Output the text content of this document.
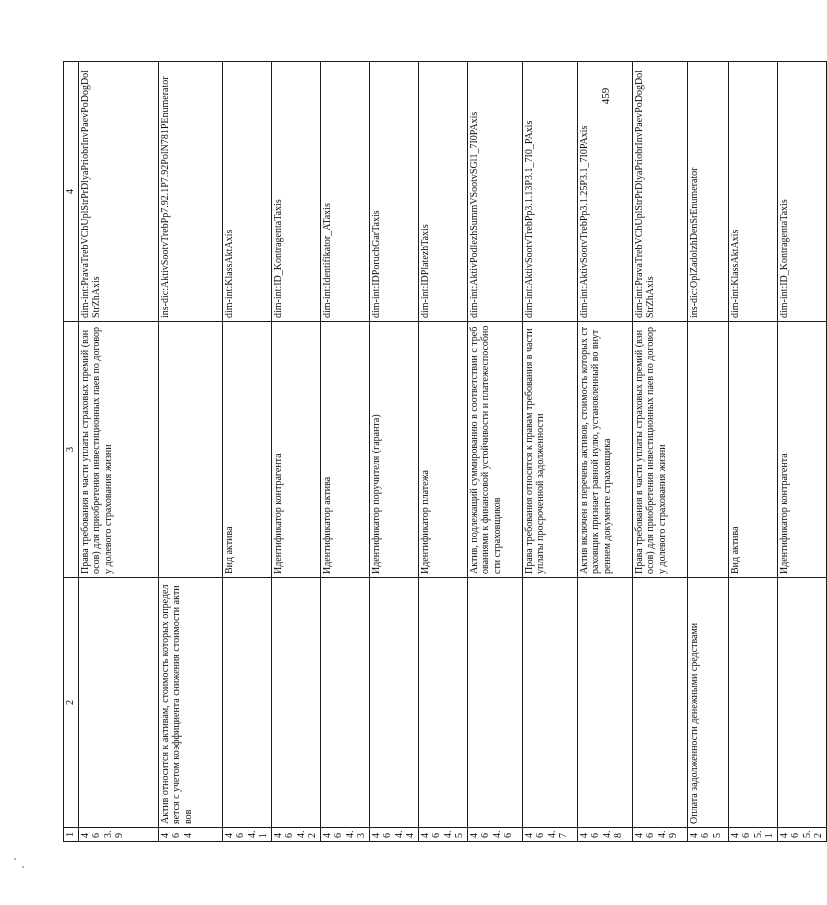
459
1	2	3	4
463.9		Права требования в части уплаты страховых премий (взносов) для приобретения инвестиционных паев по договору долевого страхования жизни	dim-int:PravaTrebVChUplStrPrDlyaPriobrInvPaevPoDogDolStrZhAxis
464	Актив относится к активам, стоимость которых определяется с учетом коэффициента снижения стоимости активов		ins-dic:AktivSootvTrebPp7.92.1P7.92PolN781PEnumerator
464.1		Вид актива	dim-int:KlassAktAxis
464.2		Идентификатор контрагента	dim-int:ID_KontragentaTaxis
464.3		Идентификатор актива	dim-int:Identifikator_ATaxis
464.4		Идентификатор поручителя (гаранта)	dim-int:IDPoruchGarTaxis
464.5		Идентификатор платежа	dim-int:IDPlatezhTaxis
464.6		Актив, подлежащий суммированию в соответствии с требованиями к финансовой устойчивости и платежеспособности страховщиков	dim-int:AktivPodlezhSummVSootvSGl1_7I0PAxis
464.7		Права требования относятся к правам требования в части уплаты просроченной задолженности	dim-int:AktivSootvTrebPp3.1.13P3.1_7I0_PAxis
464.8		Актив включен в перечень активов, стоимость которых страховщик признает равной нулю, установленный во внутреннем документе страховщика	dim-int:AktivSootvTrebPp3.1.25P3.1_7I0PAxis
464.9		Права требования в части уплаты страховых премий (взносов) для приобретения инвестиционных паев по договору долевого страхования жизни	dim-int:PravaTrebVChUplStrPrDlyaPriobrInvPaevPoDogDolStrZhAxis
465	Оплата задолженности денежными средствами		ins-dic:OplZadolzhDenSrEnumerator
465.1		Вид актива	dim-int:KlassAktAxis
465.2		Идентификатор контрагента	dim-int:ID_KontragentaTaxis
